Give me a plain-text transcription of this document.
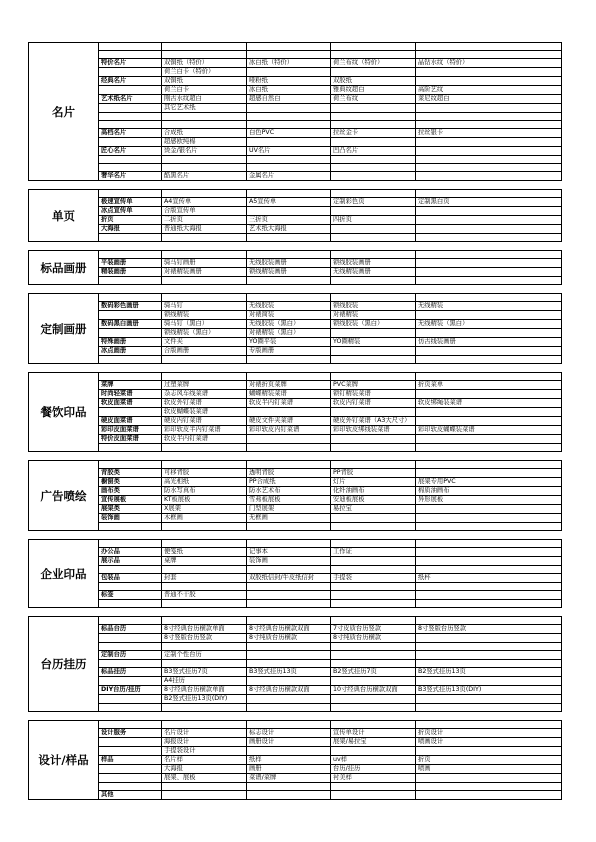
名片					

	特价名片	双铜纸（特价）	冰白纸（特价）	荷兰布纹（特价）	晶钻水纹（特价）
		荷兰白卡（特价）			
	经典名片	双铜纸	哑粉纸	双胶纸	
		荷兰白卡	冰白纸	雅典纹超白	高阶艺纹
	艺术纸名片	刚古水纹超白	超感自然白	荷兰布纹	莱尼纹超白
		其它艺术纸			

	高档名片	合成纸	白色PVC	拉丝金卡	拉丝银卡
		超感欧纯棉			
	匠心名片	烫金/银名片	UV名片	凹凸名片	

	奢华名片	酷黑名片	金属名片		
单页					
	极速宣传单	A4宣传单	A5宣传单	定制彩色页	定制黑白页
	冰点宣传单	合版宣传单			
	折页	二折页	三折页	四折页	
	大海报	普通纸大海报	艺术纸大海报		

标品画册					
	平装画册	骑马钉画册	无线胶装画册	锁线胶装画册	
	精装画册	对裱精装画册	锁线精装画册	无线精装画册	

定制画册					
	数码彩色画册	骑马钉	无线胶装	锁线胶装	无线精装
		锁线精装	对裱简装	对裱精装	
	数码黑白画册	骑马钉（黑白）	无线胶装（黑白）	锁线胶装（黑白）	无线精装（黑白）
		锁线精装（黑白）	对裱精装（黑白）		
	特殊画册	文件夹	YO圈平装	YO圈精装	仿古线装画册
	冰点画册	合版画册	专版画册		

餐饮印品					
	菜牌	过塑菜牌	对裱折页菜牌	PVC菜牌	折页菜单
	时尚轻菜谱	杂志风车线菜谱	蝴蝶精装菜谱	锁钉精装菜谱	
	软皮面菜谱	软皮外钉菜谱	软皮半内钉菜谱	软皮内钉菜谱	软皮绑绳装菜谱
		软皮蝴蝶装菜谱			
	硬皮面菜谱	硬皮内钉菜谱	硬皮文件夹菜谱	硬皮外钉菜谱（A3大尺寸）	
	彩印皮面菜谱	彩印软皮半内钉菜谱	彩印软皮内钉菜谱	彩印软皮绑线装菜谱	彩印软皮蝴蝶装菜谱
	特价皮面菜谱	软皮半内钉菜谱			

广告喷绘					
	背胶类	可移背胶	透明背胶	PP背胶	
	橱窗类	高光相纸	PP合成纸	灯片	展架专用PVC
	画布类	防水写真布	防水艺术布	化纤油画布	棉质油画布
	宣传展板	KT板展板	雪弗板展板	安迪板展板	异形展板
	展架类	X展架	门型展架	易拉宝	
	装饰画	木框画	无框画		

企业印品					
	办公品	便笺纸	记事本	工作证	
	展示品	桌牌	装饰画		

	包装品	封套	双胶纸信封/牛皮纸信封	手提袋	纸杯

	标签	普通不干胶			

台历挂历					
	标品台历	8寸经典台历横款单面	8寸经典台历横款双面	7寸皮质台历竖款	8寸竖版台历竖款
		8寸竖版台历竖款	8寸纯质台历横款	8寸纯质台历横款	

	定制台历	定制个性台历			

	标品挂历	B3竖式挂历7页	B3竖式挂历13页	B2竖式挂历7页	B2竖式挂历13页
		A4挂历			
	DIY台历/挂历	8寸经典台历横款单面	8寸经典台历横款双面	10寸经典台历横款双面	B3竖式挂历13页(DIY)
		B2竖式挂历13页(DIY)			

设计/样品					
	设计服务	名片设计	标志设计	宣传单设计	折页设计
		海报设计	画册设计	展架/易拉宝	喷画设计
		手提袋设计			
	样品	名片样	纸样	uv样	折页
		大海报	画册	台历/挂历	喷画
		展架、展板	菜谱/菜牌	衬美样	

	其他				
